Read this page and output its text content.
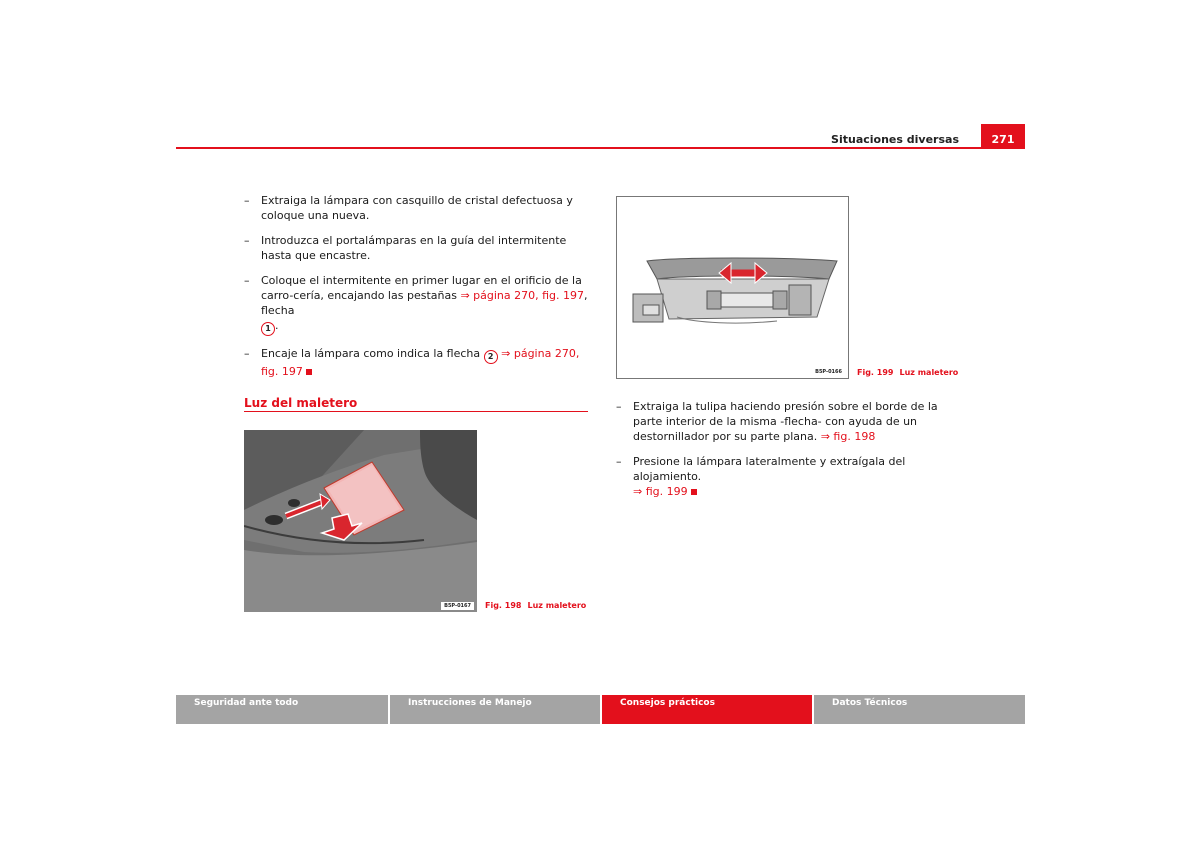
Situaciones diversas	271
– Extraiga la lámpara con casquillo de cristal defectuosa y coloque una nueva.
– Introduzca el portalámparas en la guía del intermitente hasta que encastre.
– Coloque el intermitente en primer lugar en el orificio de la carro-cería, encajando las pestañas ⇒ página 270, fig. 197, flecha
1 .
– Encaje la lámpara como indica la flecha 2 ⇒ página 270, fig. 197
Luz del maletero
B5P-0167	Fig. 198 Luz maletero
B5P-0166	Fig. 199 Luz maletero
– Extraiga la tulipa haciendo presión sobre el borde de la parte interior de la misma -flecha- con ayuda de un destornillador por su parte plana. ⇒ fig. 198
– Presione la lámpara lateralmente y extraígala del alojamiento.
⇒ fig. 199
Seguridad ante todo	Instrucciones de Manejo	Consejos prácticos	Datos Técnicos
